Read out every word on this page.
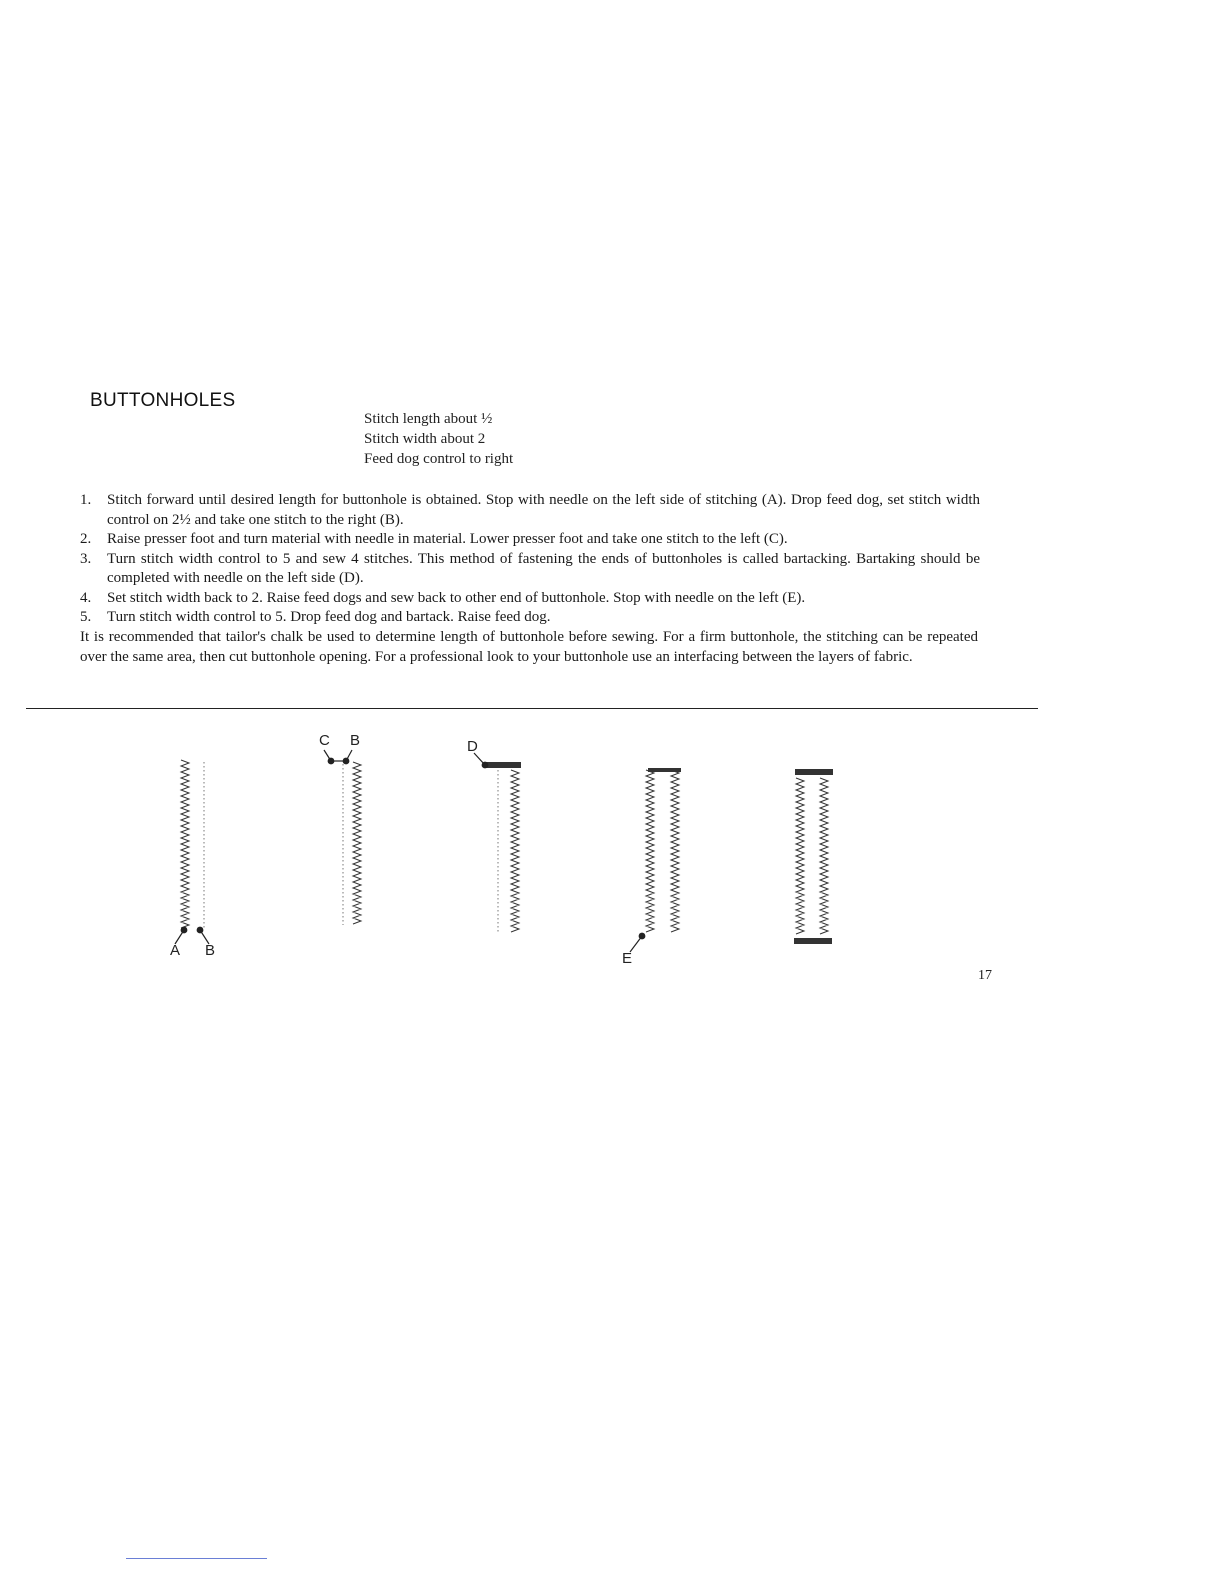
BUTTONHOLES
Stitch length about ½
Stitch width about 2
Feed dog control to right
1.	Stitch forward until desired length for buttonhole is obtained. Stop with needle on the left side of stitching (A). Drop feed dog, set stitch width control on 2½ and take one stitch to the right (B).
2.	Raise presser foot and turn material with needle in material. Lower presser foot and take one stitch to the left (C).
3.	Turn stitch width control to 5 and sew 4 stitches. This method of fastening the ends of buttonholes is called bartacking. Bartaking should be completed with needle on the left side (D).
4.	Set stitch width back to 2. Raise feed dogs and sew back to other end of buttonhole. Stop with needle on the left (E).
5.	Turn stitch width control to 5. Drop feed dog and bartack. Raise feed dog.

It is recommended that tailor's chalk be used to determine length of buttonhole before sewing. For a firm buttonhole, the stitching can be repeated over the same area, then cut buttonhole opening. For a professional look to your buttonhole use an interfacing between the layers of fabric.

A B
C B	D
E
17
